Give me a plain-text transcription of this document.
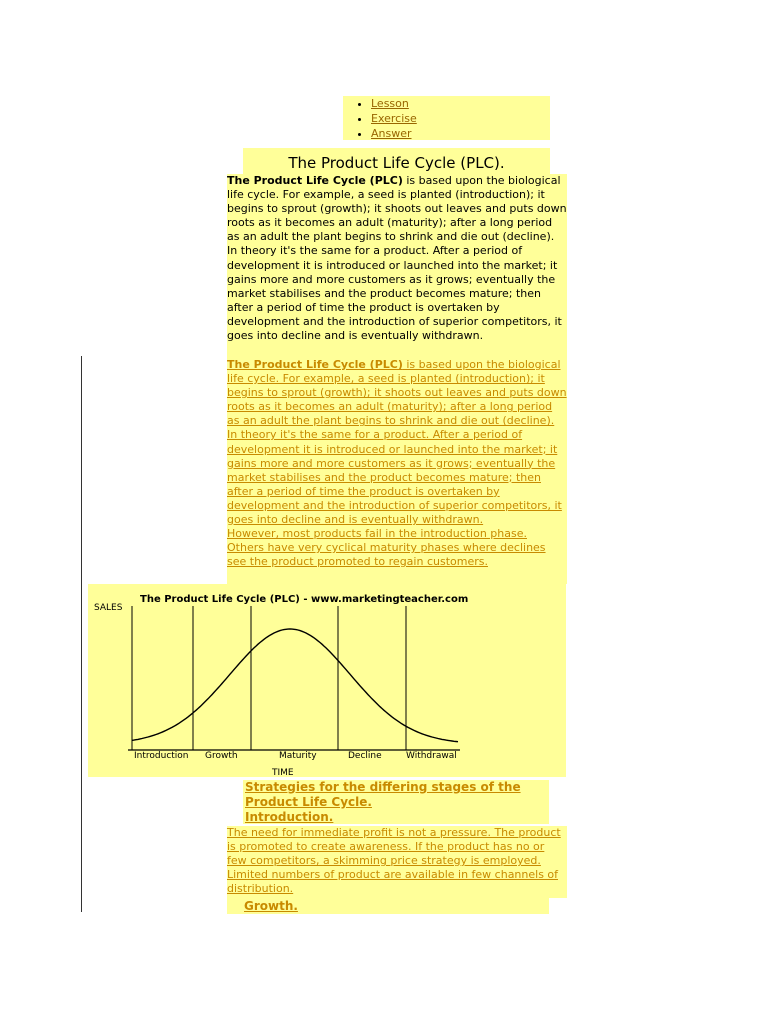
• Lesson
• Exercise
• Answer
The Product Life Cycle (PLC).
The Product Life Cycle (PLC) is based upon the biological life cycle. For example, a seed is planted (introduction); it begins to sprout (growth); it shoots out leaves and puts down roots as it becomes an adult (maturity); after a long period as an adult the plant begins to shrink and die out (decline).
In theory it's the same for a product. After a period of development it is introduced or launched into the market; it gains more and more customers as it grows; eventually the market stabilises and the product becomes mature; then after a period of time the product is overtaken by development and the introduction of superior competitors, it goes into decline and is eventually withdrawn.
The Product Life Cycle (PLC) is based upon the biological life cycle. For example, a seed is planted (introduction); it begins to sprout (growth); it shoots out leaves and puts down roots as it becomes an adult (maturity); after a long period as an adult the plant begins to shrink and die out (decline).
In theory it's the same for a product. After a period of development it is introduced or launched into the market; it gains more and more customers as it grows; eventually the market stabilises and the product becomes mature; then after a period of time the product is overtaken by development and the introduction of superior competitors, it goes into decline and is eventually withdrawn.
However, most products fail in the introduction phase. Others have very cyclical maturity phases where declines see the product promoted to regain customers.
The Product Life Cycle (PLC) - www.marketingteacher.com
SALES
TIME
Introduction Growth	Maturity	Decline	Withdrawal
Strategies for the differing stages of the Product Life Cycle.
Introduction.
The need for immediate profit is not a pressure. The product is promoted to create awareness. If the product has no or few competitors, a skimming price strategy is employed. Limited numbers of product are available in few channels of distribution.
Growth.
